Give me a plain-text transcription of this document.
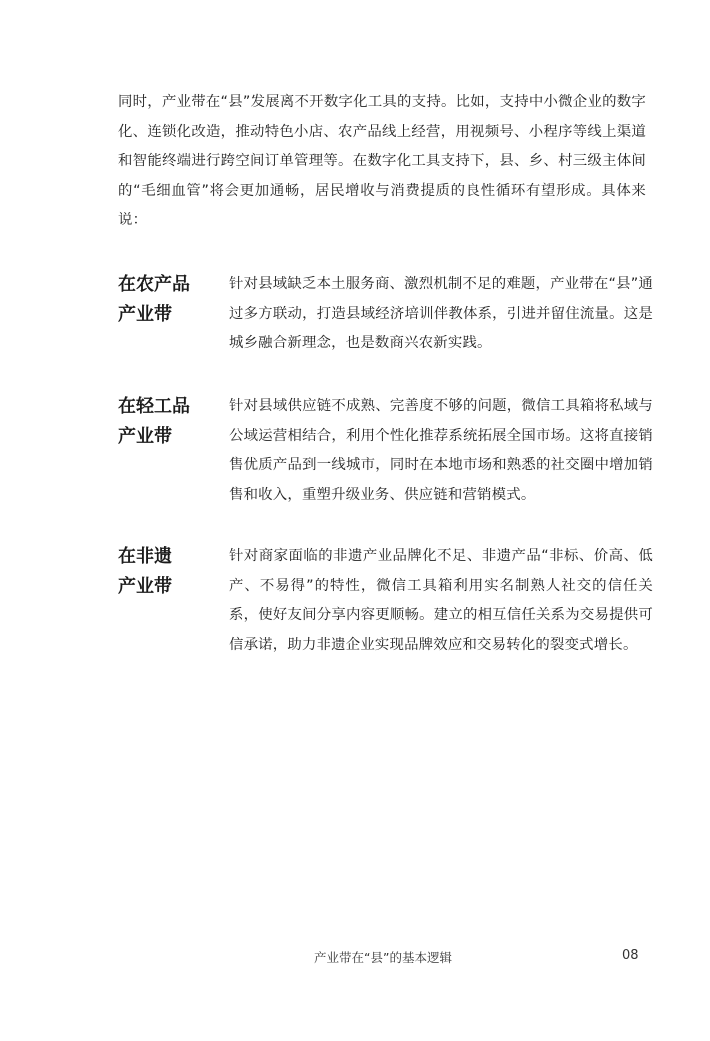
同时，产业带在“县”发展离不开数字化工具的支持。比如，支持中小微企业的数字化、连锁化改造，推动特色小店、农产品线上经营，用视频号、小程序等线上渠道和智能终端进行跨空间订单管理等。在数字化工具支持下，县、乡、村三级主体间的“毛细血管”将会更加通畅，居民增收与消费提质的良性循环有望形成。具体来说：

在农产品
产业带

针对县域缺乏本土服务商、激烈机制不足的难题，产业带在“县”通过多方联动，打造县域经济培训伴教体系，引进并留住流量。这是城乡融合新理念，也是数商兴农新实践。

在轻工品
产业带

针对县域供应链不成熟、完善度不够的问题，微信工具箱将私域与公域运营相结合，利用个性化推荐系统拓展全国市场。这将直接销售优质产品到一线城市，同时在本地市场和熟悉的社交圈中增加销售和收入，重塑升级业务、供应链和营销模式。

在非遗
产业带

针对商家面临的非遗产业品牌化不足、非遗产品“非标、价高、低产、不易得”的特性，微信工具箱利用实名制熟人社交的信任关系，使好友间分享内容更顺畅。建立的相互信任关系为交易提供可信承诺，助力非遗企业实现品牌效应和交易转化的裂变式增长。

产业带在“县”的基本逻辑	08
